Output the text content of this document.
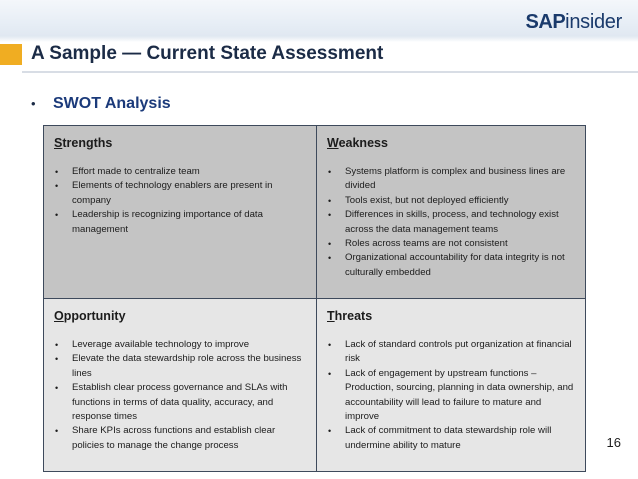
SAP insider
A Sample — Current State Assessment
• SWOT Analysis
Strengths
• Effort made to centralize team
• Elements of technology enablers are present in company
• Leadership is recognizing importance of data management
Weakness
• Systems platform is complex and business lines are divided
• Tools exist, but not deployed efficiently
• Differences in skills, process, and technology exist across the data management teams
• Roles across teams are not consistent
• Organizational accountability for data integrity is not culturally embedded
Opportunity
• Leverage available technology to improve
• Elevate the data stewardship role across the business lines
• Establish clear process governance and SLAs with functions in terms of data quality, accuracy, and response times
• Share KPIs across functions and establish clear policies to manage the change process
Threats
• Lack of standard controls put organization at financial risk
• Lack of engagement by upstream functions – Production, sourcing, planning in data ownership, and accountability will lead to failure to mature and improve
• Lack of commitment to data stewardship role will undermine ability to mature	16
